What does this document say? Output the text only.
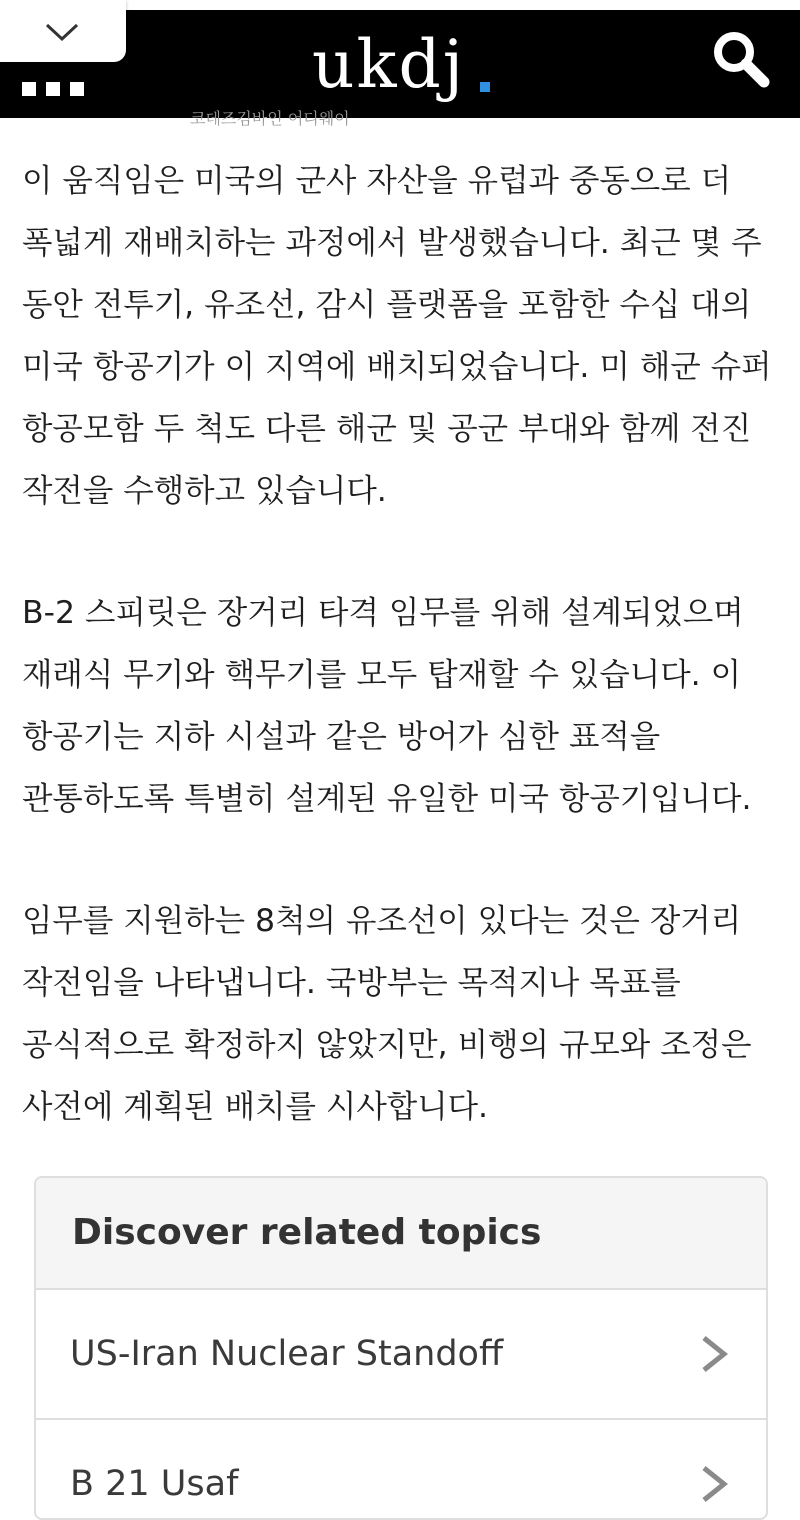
ukdj
코데즈김바인 어디웨이

이 움직임은 미국의 군사 자산을 유럽과 중동으로 더 폭넓게 재배치하는 과정에서 발생했습니다. 최근 몇 주 동안 전투기, 유조선, 감시 플랫폼을 포함한 수십 대의 미국 항공기가 이 지역에 배치되었습니다. 미 해군 슈퍼 항공모함 두 척도 다른 해군 및 공군 부대와 함께 전진 작전을 수행하고 있습니다.

B-2 스피릿은 장거리 타격 임무를 위해 설계되었으며 재래식 무기와 핵무기를 모두 탑재할 수 있습니다. 이 항공기는 지하 시설과 같은 방어가 심한 표적을 관통하도록 특별히 설계된 유일한 미국 항공기입니다.

임무를 지원하는 8척의 유조선이 있다는 것은 장거리 작전임을 나타냅니다. 국방부는 목적지나 목표를 공식적으로 확정하지 않았지만, 비행의 규모와 조정은 사전에 계획된 배치를 시사합니다.

Discover related topics
US-Iran Nuclear Standoff
B 21 Usaf
